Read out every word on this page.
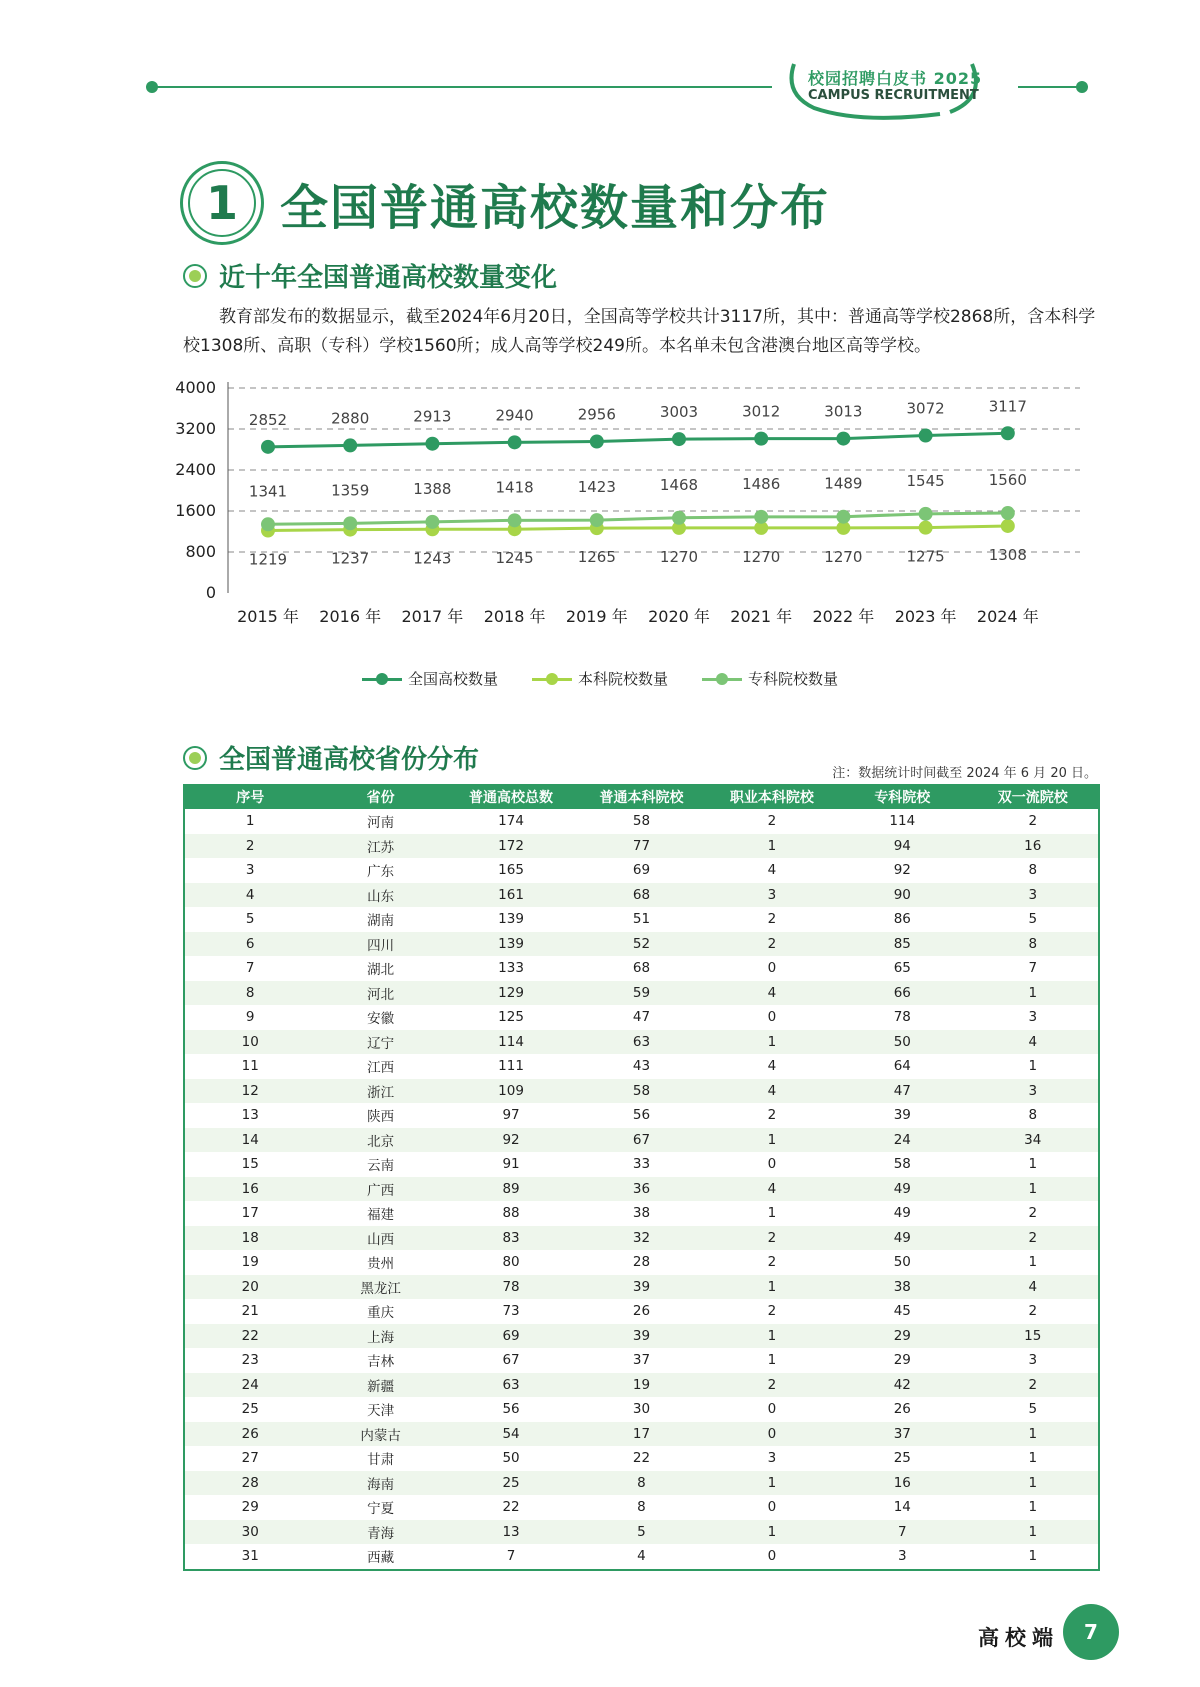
校园招聘白皮书 2025
CAMPUS RECRUITMENT
1 全国普通高校数量和分布
近十年全国普通高校数量变化
教育部发布的数据显示，截至2024年6月20日，全国高等学校共计3117所，其中：普通高等学校2868所，含本科学校1308所、高职（专科）学校1560所；成人高等学校249所。本名单未包含港澳台地区高等学校。
4000
3200
2400
1600
800
0
2015 年 2016 年 2017 年 2018 年 2019 年 2020 年 2021 年 2022 年 2023 年 2024 年
2852	2880	2913	2940	2956	3003	3012	3013	3072	3117
1219	1237	1243	1245	1265	1270	1270	1270	1275	1308
1341	1359	1388	1418	1423	1468	1486	1489	1545	1560
全国高校数量	本科院校数量	专科院校数量
全国普通高校省份分布	注：数据统计时间截至 2024 年 6 月 20 日。
序号	省份	普通高校总数	普通本科院校	职业本科院校	专科院校	双一流院校
1	河南	174	58	2	114	2
2	江苏	172	77	1	94	16
3	广东	165	69	4	92	8
4	山东	161	68	3	90	3
5	湖南	139	51	2	86	5
6	四川	139	52	2	85	8
7	湖北	133	68	0	65	7
8	河北	129	59	4	66	1
9	安徽	125	47	0	78	3
10	辽宁	114	63	1	50	4
11	江西	111	43	4	64	1
12	浙江	109	58	4	47	3
13	陕西	97	56	2	39	8
14	北京	92	67	1	24	34
15	云南	91	33	0	58	1
16	广西	89	36	4	49	1
17	福建	88	38	1	49	2
18	山西	83	32	2	49	2
19	贵州	80	28	2	50	1
20	黑龙江	78	39	1	38	4
21	重庆	73	26	2	45	2
22	上海	69	39	1	29	15
23	吉林	67	37	1	29	3
24	新疆	63	19	2	42	2
25	天津	56	30	0	26	5
26	内蒙古	54	17	0	37	1
27	甘肃	50	22	3	25	1
28	海南	25	8	1	16	1
29	宁夏	22	8	0	14	1
30	青海	13	5	1	7	1
31	西藏	7	4	0	3	1
高校端	7
